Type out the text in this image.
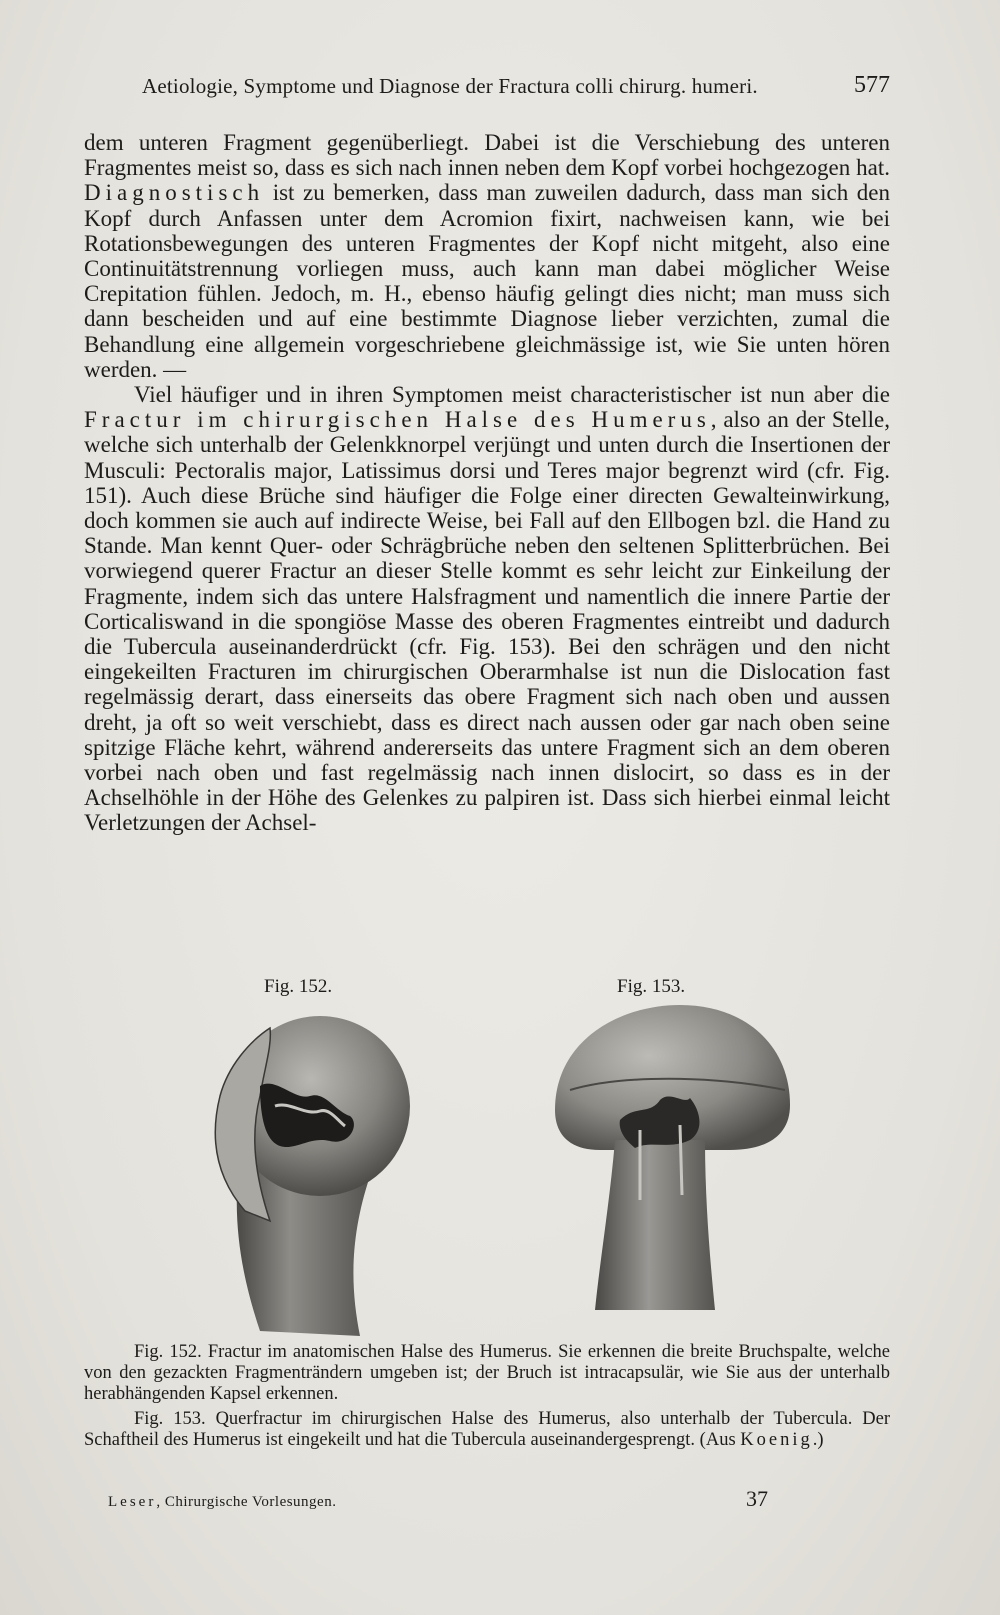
Aetiologie, Symptome und Diagnose der Fractura colli chirurg. humeri.	577

dem unteren Fragment gegenüberliegt. Dabei ist die Verschiebung des unteren Fragmentes meist so, dass es sich nach innen neben dem Kopf vorbei hochgezogen hat. Diagnostisch ist zu bemerken, dass man zuweilen dadurch, dass man sich den Kopf durch Anfassen unter dem Acromion fixirt, nachweisen kann, wie bei Rotationsbewegungen des unteren Fragmentes der Kopf nicht mitgeht, also eine Continuitätstrennung vorliegen muss, auch kann man dabei möglicher Weise Crepitation fühlen. Jedoch, m. H., ebenso häufig gelingt dies nicht; man muss sich dann bescheiden und auf eine bestimmte Diagnose lieber verzichten, zumal die Behandlung eine allgemein vorgeschriebene gleichmässige ist, wie Sie unten hören werden. —

Viel häufiger und in ihren Symptomen meist characteristischer ist nun aber die Fractur im chirurgischen Halse des Humerus, also an der Stelle, welche sich unterhalb der Gelenkknorpel verjüngt und unten durch die Insertionen der Musculi: Pectoralis major, Latissimus dorsi und Teres major begrenzt wird (cfr. Fig. 151). Auch diese Brüche sind häufiger die Folge einer directen Gewalteinwirkung, doch kommen sie auch auf indirecte Weise, bei Fall auf den Ellbogen bzl. die Hand zu Stande. Man kennt Quer- oder Schrägbrüche neben den seltenen Splitterbrüchen. Bei vorwiegend querer Fractur an dieser Stelle kommt es sehr leicht zur Einkeilung der Fragmente, indem sich das untere Halsfragment und namentlich die innere Partie der Corticaliswand in die spongiöse Masse des oberen Fragmentes eintreibt und dadurch die Tubercula auseinanderdrückt (cfr. Fig. 153). Bei den schrägen und den nicht eingekeilten Fracturen im chirurgischen Oberarmhalse ist nun die Dislocation fast regelmässig derart, dass einerseits das obere Fragment sich nach oben und aussen dreht, ja oft so weit verschiebt, dass es direct nach aussen oder gar nach oben seine spitzige Fläche kehrt, während andererseits das untere Fragment sich an dem oberen vorbei nach oben und fast regelmässig nach innen dislocirt, so dass es in der Achselhöhle in der Höhe des Gelenkes zu palpiren ist. Dass sich hierbei einmal leicht Verletzungen der Achsel-

Fig. 152.	Fig. 153.

Fig. 152. Fractur im anatomischen Halse des Humerus. Sie erkennen die breite Bruchspalte, welche von den gezackten Fragmenträndern umgeben ist; der Bruch ist intracapsulär, wie Sie aus der unterhalb herabhängenden Kapsel erkennen.

Fig. 153. Querfractur im chirurgischen Halse des Humerus, also unterhalb der Tubercula. Der Schaftheil des Humerus ist eingekeilt und hat die Tubercula auseinandergesprengt. (Aus Koenig.)

Leser, Chirurgische Vorlesungen.	37
